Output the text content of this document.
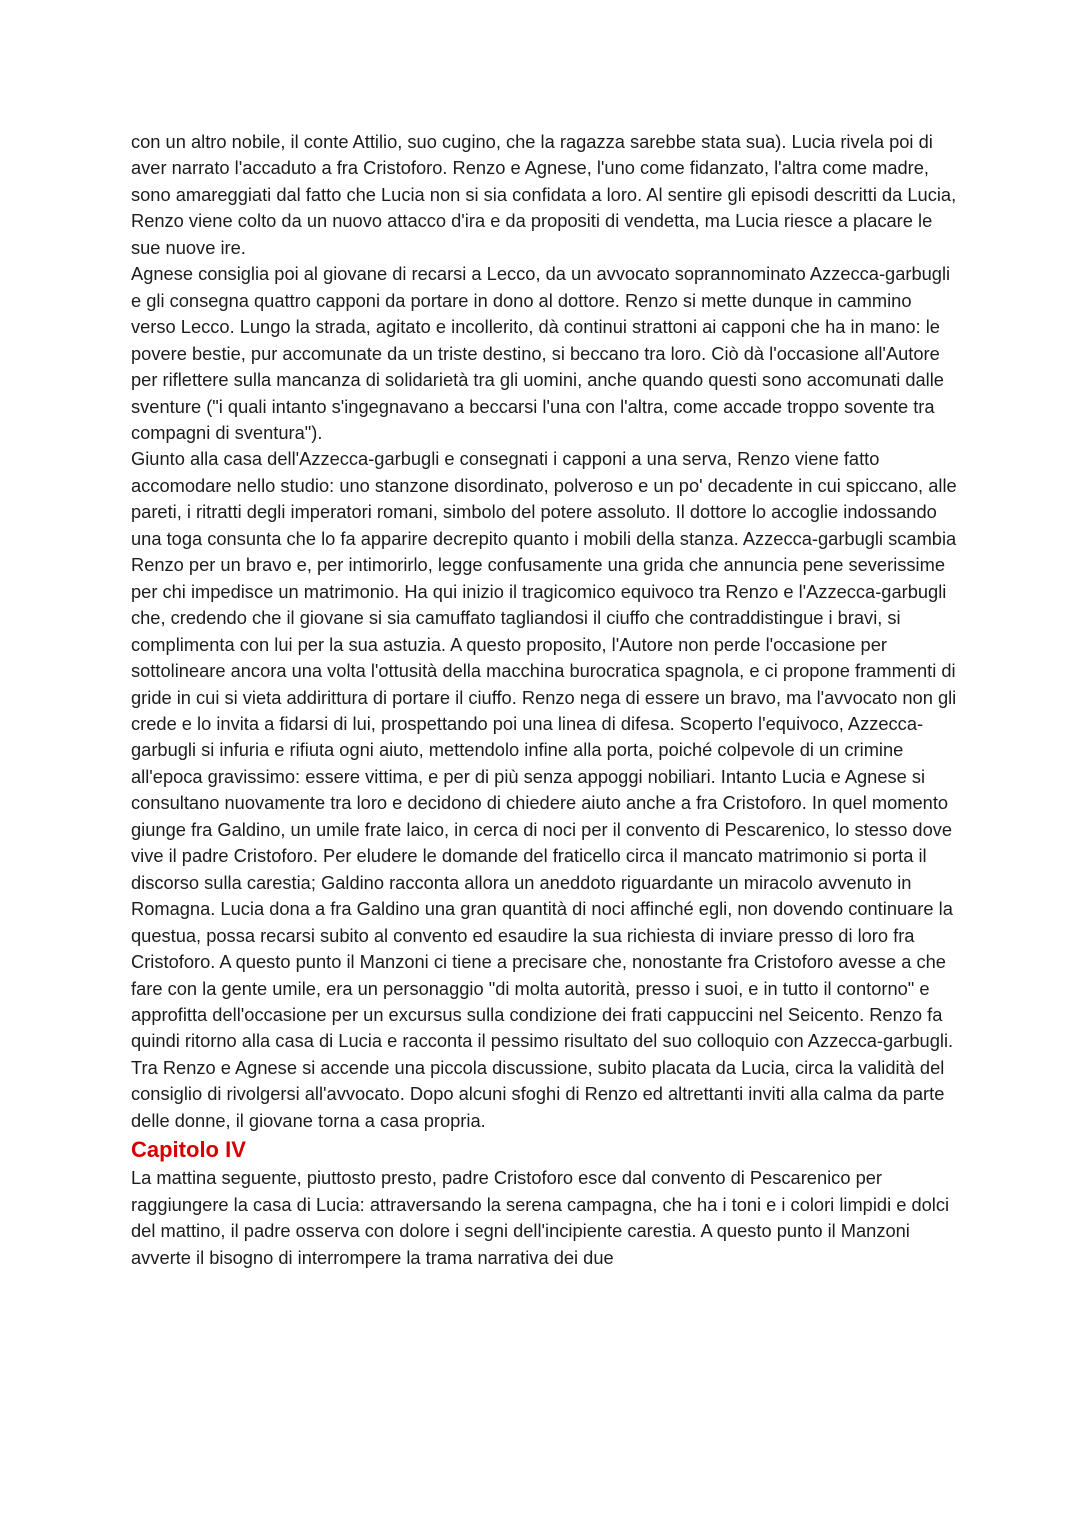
con un altro nobile, il conte Attilio, suo cugino, che la ragazza sarebbe stata sua). Lucia rivela poi di aver narrato l'accaduto a fra Cristoforo. Renzo e Agnese, l'uno come fidanzato, l'altra come madre, sono amareggiati dal fatto che Lucia non si sia confidata a loro. Al sentire gli episodi descritti da Lucia, Renzo viene colto da un nuovo attacco d'ira e da propositi di vendetta, ma Lucia riesce a placare le sue nuove ire.

Agnese consiglia poi al giovane di recarsi a Lecco, da un avvocato soprannominato Azzecca-garbugli e gli consegna quattro capponi da portare in dono al dottore. Renzo si mette dunque in cammino verso Lecco. Lungo la strada, agitato e incollerito, dà continui strattoni ai capponi che ha in mano: le povere bestie, pur accomunate da un triste destino, si beccano tra loro. Ciò dà l'occasione all'Autore per riflettere sulla mancanza di solidarietà tra gli uomini, anche quando questi sono accomunati dalle sventure ("i quali intanto s'ingegnavano a beccarsi l'una con l'altra, come accade troppo sovente tra compagni di sventura").

Giunto alla casa dell'Azzecca-garbugli e consegnati i capponi a una serva, Renzo viene fatto accomodare nello studio: uno stanzone disordinato, polveroso e un po' decadente in cui spiccano, alle pareti, i ritratti degli imperatori romani, simbolo del potere assoluto. Il dottore lo accoglie indossando una toga consunta che lo fa apparire decrepito quanto i mobili della stanza. Azzecca-garbugli scambia Renzo per un bravo e, per intimorirlo, legge confusamente una grida che annuncia pene severissime per chi impedisce un matrimonio. Ha qui inizio il tragicomico equivoco tra Renzo e l'Azzecca-garbugli che, credendo che il giovane si sia camuffato tagliandosi il ciuffo che contraddistingue i bravi, si complimenta con lui per la sua astuzia. A questo proposito, l'Autore non perde l'occasione per sottolineare ancora una volta l'ottusità della macchina burocratica spagnola, e ci propone frammenti di gride in cui si vieta addirittura di portare il ciuffo. Renzo nega di essere un bravo, ma l'avvocato non gli crede e lo invita a fidarsi di lui, prospettando poi una linea di difesa. Scoperto l'equivoco, Azzecca-garbugli si infuria e rifiuta ogni aiuto, mettendolo infine alla porta, poiché colpevole di un crimine all'epoca gravissimo: essere vittima, e per di più senza appoggi nobiliari. Intanto Lucia e Agnese si consultano nuovamente tra loro e decidono di chiedere aiuto anche a fra Cristoforo. In quel momento giunge fra Galdino, un umile frate laico, in cerca di noci per il convento di Pescarenico, lo stesso dove vive il padre Cristoforo. Per eludere le domande del fraticello circa il mancato matrimonio si porta il discorso sulla carestia; Galdino racconta allora un aneddoto riguardante un miracolo avvenuto in Romagna. Lucia dona a fra Galdino una gran quantità di noci affinché egli, non dovendo continuare la questua, possa recarsi subito al convento ed esaudire la sua richiesta di inviare presso di loro fra Cristoforo. A questo punto il Manzoni ci tiene a precisare che, nonostante fra Cristoforo avesse a che fare con la gente umile, era un personaggio "di molta autorità, presso i suoi, e in tutto il contorno" e approfitta dell'occasione per un excursus sulla condizione dei frati cappuccini nel Seicento. Renzo fa quindi ritorno alla casa di Lucia e racconta il pessimo risultato del suo colloquio con Azzecca-garbugli. Tra Renzo e Agnese si accende una piccola discussione, subito placata da Lucia, circa la validità del consiglio di rivolgersi all'avvocato. Dopo alcuni sfoghi di Renzo ed altrettanti inviti alla calma da parte delle donne, il giovane torna a casa propria.

Capitolo IV

La mattina seguente, piuttosto presto, padre Cristoforo esce dal convento di Pescarenico per raggiungere la casa di Lucia: attraversando la serena campagna, che ha i toni e i colori limpidi e dolci del mattino, il padre osserva con dolore i segni dell'incipiente carestia. A questo punto il Manzoni avverte il bisogno di interrompere la trama narrativa dei due
